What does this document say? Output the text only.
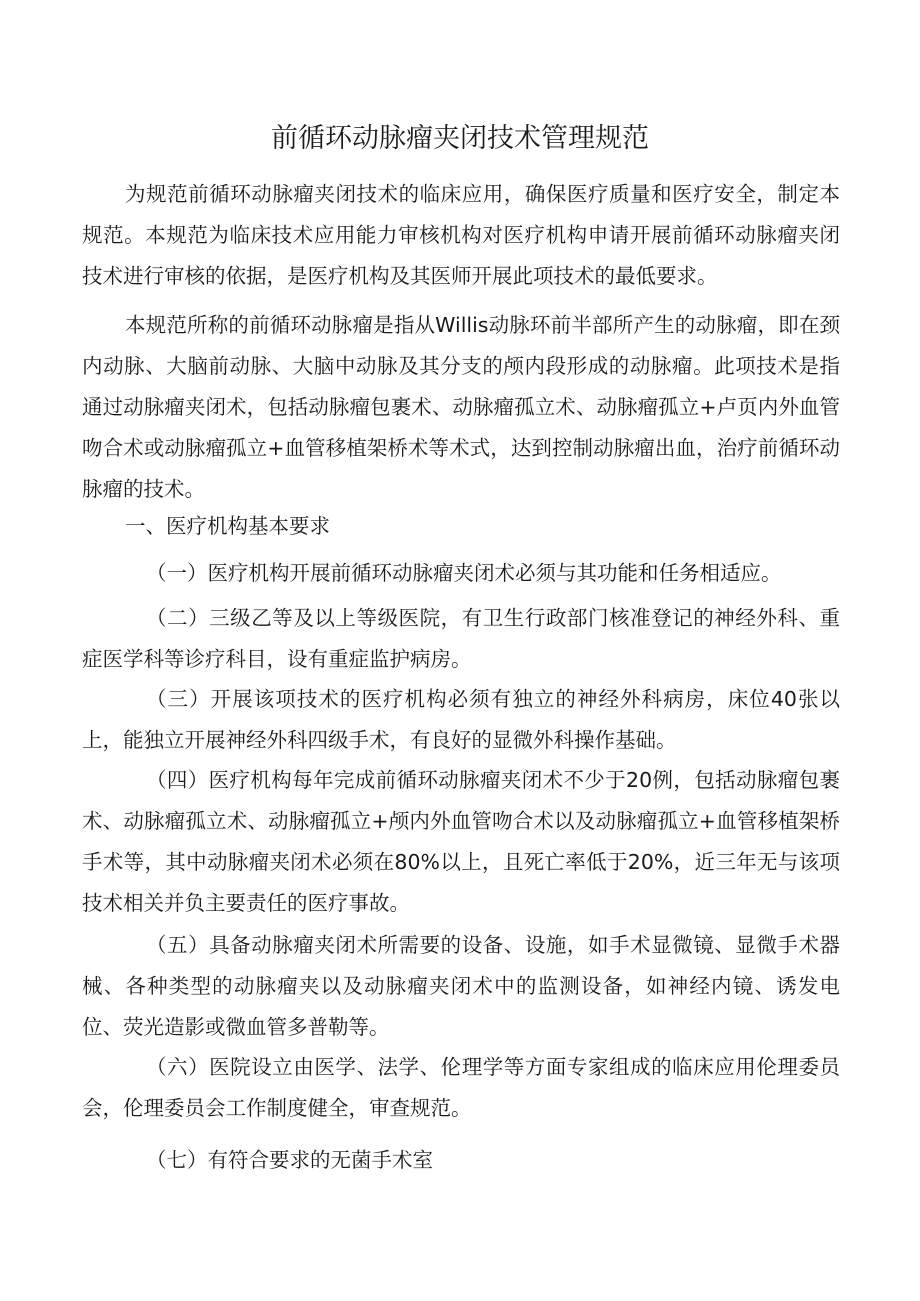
前循环动脉瘤夹闭技术管理规范

为规范前循环动脉瘤夹闭技术的临床应用，确保医疗质量和医疗安全，制定本规范。本规范为临床技术应用能力审核机构对医疗机构申请开展前循环动脉瘤夹闭技术进行审核的依据，是医疗机构及其医师开展此项技术的最低要求。

本规范所称的前循环动脉瘤是指从Willis动脉环前半部所产生的动脉瘤，即在颈内动脉、大脑前动脉、大脑中动脉及其分支的颅内段形成的动脉瘤。此项技术是指通过动脉瘤夹闭术，包括动脉瘤包裹术、动脉瘤孤立术、动脉瘤孤立+卢页内外血管吻合术或动脉瘤孤立+血管移植架桥术等术式，达到控制动脉瘤出血，治疗前循环动脉瘤的技术。

一、医疗机构基本要求

（一）医疗机构开展前循环动脉瘤夹闭术必须与其功能和任务相适应。

（二）三级乙等及以上等级医院，有卫生行政部门核准登记的神经外科、重症医学科等诊疗科目，设有重症监护病房。

（三）开展该项技术的医疗机构必须有独立的神经外科病房，床位40张以上，能独立开展神经外科四级手术，有良好的显微外科操作基础。

（四）医疗机构每年完成前循环动脉瘤夹闭术不少于20例，包括动脉瘤包裹术、动脉瘤孤立术、动脉瘤孤立+颅内外血管吻合术以及动脉瘤孤立+血管移植架桥手术等，其中动脉瘤夹闭术必须在80%以上，且死亡率低于20%，近三年无与该项技术相关并负主要责任的医疗事故。

（五）具备动脉瘤夹闭术所需要的设备、设施，如手术显微镜、显微手术器械、各种类型的动脉瘤夹以及动脉瘤夹闭术中的监测设备，如神经内镜、诱发电位、荧光造影或微血管多普勒等。

（六）医院设立由医学、法学、伦理学等方面专家组成的临床应用伦理委员会，伦理委员会工作制度健全，审查规范。

（七）有符合要求的无菌手术室
